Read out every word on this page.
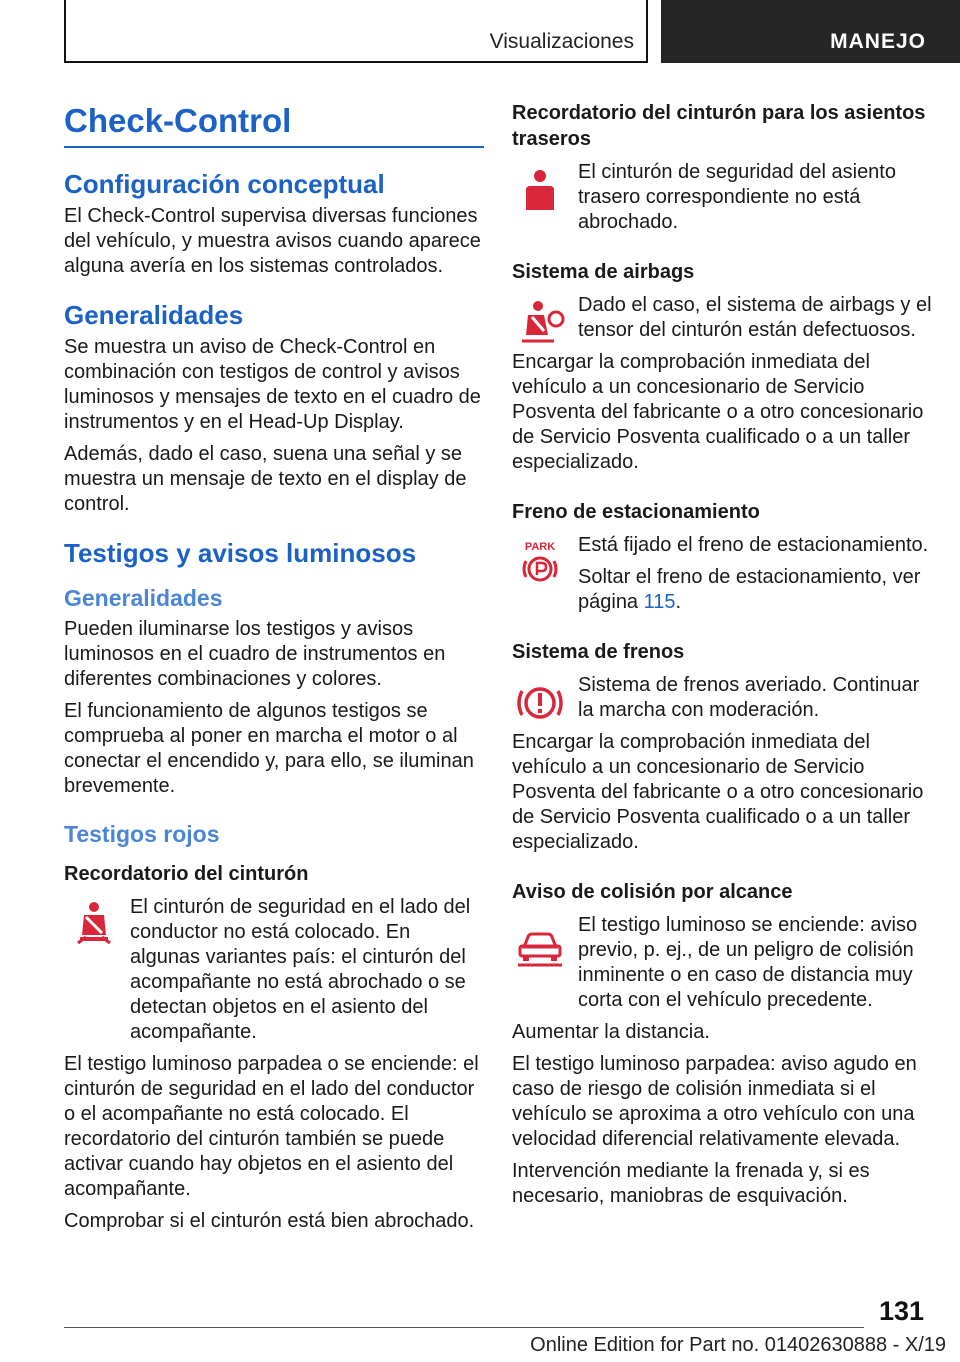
Visualizaciones	MANEJO
Check-Control
Configuración conceptual

El Check-Control supervisa diversas funciones del vehículo, y muestra avisos cuando aparece alguna avería en los sistemas controlados.

Generalidades

Se muestra un aviso de Check-Control en combinación con testigos de control y avisos luminosos y mensajes de texto en el cuadro de instrumentos y en el Head-Up Display.

Además, dado el caso, suena una señal y se muestra un mensaje de texto en el display de control.

Testigos y avisos luminosos
Generalidades

Pueden iluminarse los testigos y avisos luminosos en el cuadro de instrumentos en diferentes combinaciones y colores.

El funcionamiento de algunos testigos se comprueba al poner en marcha el motor o al conectar el encendido y, para ello, se iluminan brevemente.

Testigos rojos
Recordatorio del cinturón

El cinturón de seguridad en el lado del conductor no está colocado. En algunas variantes país: el cinturón del acompañante no está abrochado o se detectan objetos en el asiento del acompañante.

El testigo luminoso parpadea o se enciende: el cinturón de seguridad en el lado del conductor o el acompañante no está colocado. El recordatorio del cinturón también se puede activar cuando hay objetos en el asiento del acompañante.

Comprobar si el cinturón está bien abrochado.

Recordatorio del cinturón para los asientos traseros

El cinturón de seguridad del asiento trasero correspondiente no está abrochado.

Sistema de airbags

Dado el caso, el sistema de airbags y el tensor del cinturón están defectuosos.

Encargar la comprobación inmediata del vehículo a un concesionario de Servicio Posventa del fabricante o a otro concesionario de Servicio Posventa cualificado o a un taller especializado.

Freno de estacionamiento
PARK Está fijado el freno de estacionamiento.

Soltar el freno de estacionamiento, ver página 115.

Sistema de frenos

Sistema de frenos averiado. Continuar la marcha con moderación.

Encargar la comprobación inmediata del vehículo a un concesionario de Servicio Posventa del fabricante o a otro concesionario de Servicio Posventa cualificado o a un taller especializado.

Aviso de colisión por alcance

El testigo luminoso se enciende: aviso previo, p. ej., de un peligro de colisión inminente o en caso de distancia muy corta con el vehículo precedente.

Aumentar la distancia.

El testigo luminoso parpadea: aviso agudo en caso de riesgo de colisión inmediata si el vehículo se aproxima a otro vehículo con una velocidad diferencial relativamente elevada.

Intervención mediante la frenada y, si es necesario, maniobras de esquivación.

131
Online Edition for Part no. 01402630888 - X/19
